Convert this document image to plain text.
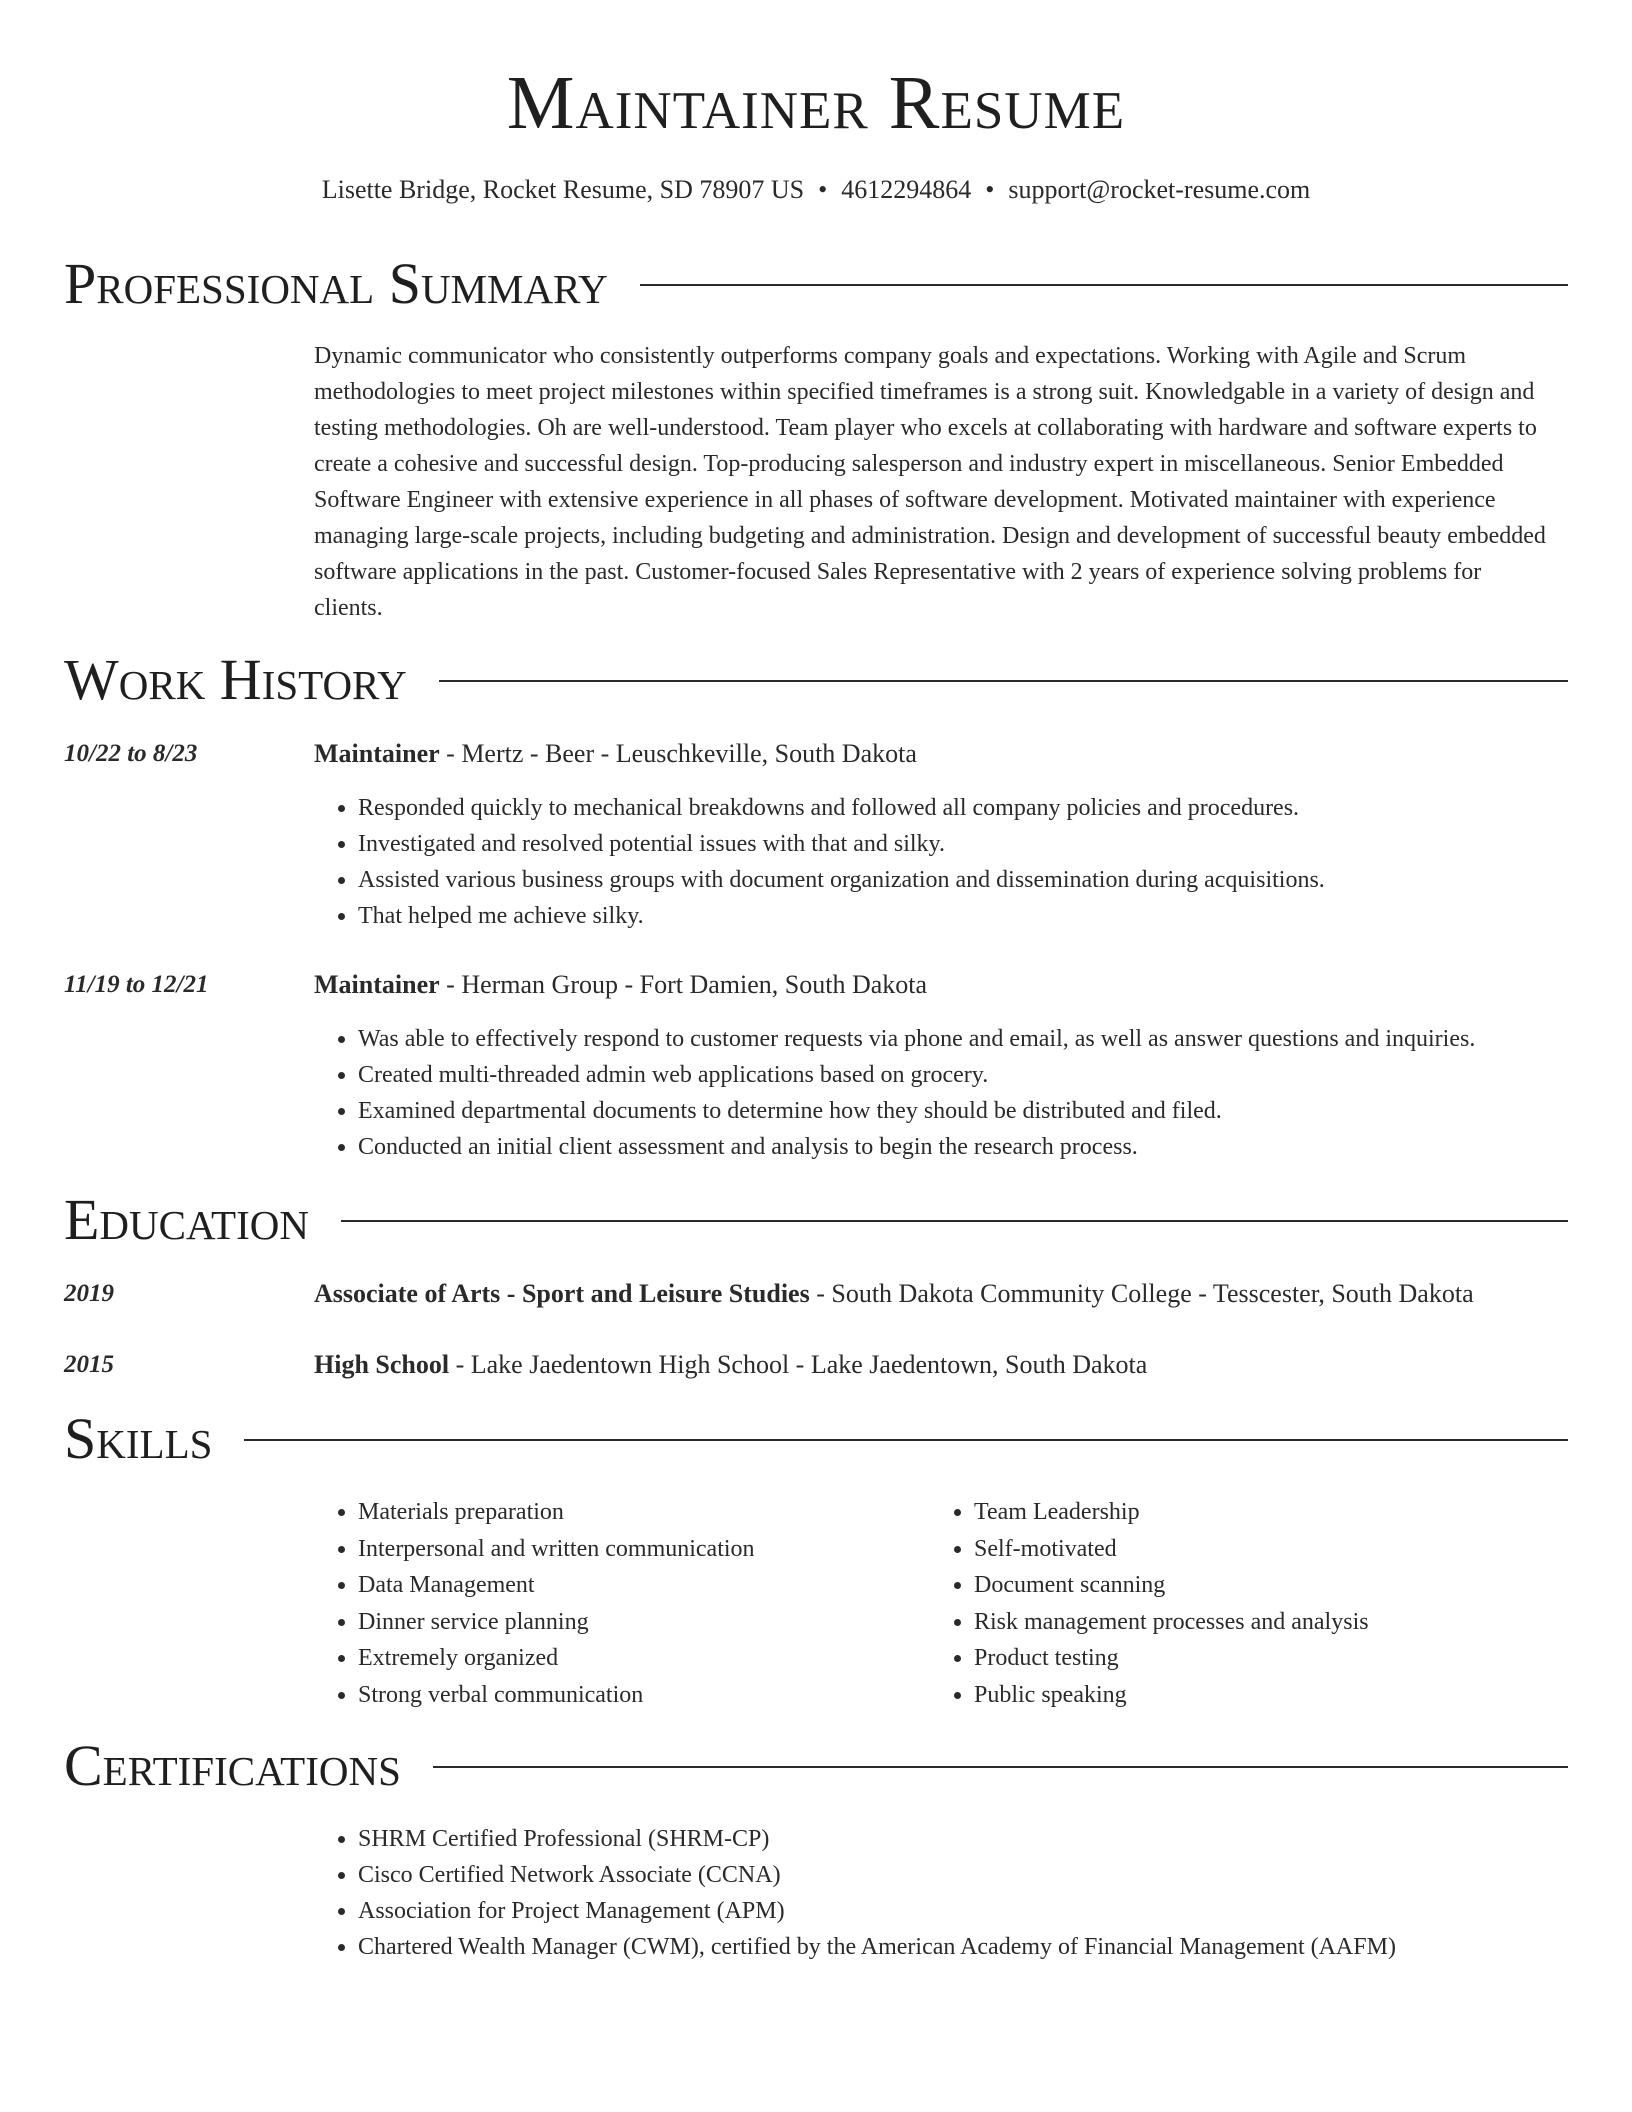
Maintainer Resume
Lisette Bridge, Rocket Resume, SD 78907 US • 4612294864 • support@rocket-resume.com
Professional Summary
Dynamic communicator who consistently outperforms company goals and expectations. Working with Agile and Scrum methodologies to meet project milestones within specified timeframes is a strong suit. Knowledgable in a variety of design and testing methodologies. Oh are well-understood. Team player who excels at collaborating with hardware and software experts to create a cohesive and successful design. Top-producing salesperson and industry expert in miscellaneous. Senior Embedded Software Engineer with extensive experience in all phases of software development. Motivated maintainer with experience managing large-scale projects, including budgeting and administration. Design and development of successful beauty embedded software applications in the past. Customer-focused Sales Representative with 2 years of experience solving problems for clients.
Work History
10/22 to 8/23	Maintainer - Mertz - Beer - Leuschkeville, South Dakota
• Responded quickly to mechanical breakdowns and followed all company policies and procedures.
• Investigated and resolved potential issues with that and silky.
• Assisted various business groups with document organization and dissemination during acquisitions.
• That helped me achieve silky.
11/19 to 12/21	Maintainer - Herman Group - Fort Damien, South Dakota
• Was able to effectively respond to customer requests via phone and email, as well as answer questions and inquiries.
• Created multi-threaded admin web applications based on grocery.
• Examined departmental documents to determine how they should be distributed and filed.
• Conducted an initial client assessment and analysis to begin the research process.
Education
2019	Associate of Arts - Sport and Leisure Studies - South Dakota Community College - Tesscester, South Dakota
2015	High School - Lake Jaedentown High School - Lake Jaedentown, South Dakota
Skills
• Materials preparation
• Interpersonal and written communication
• Data Management
• Dinner service planning
• Extremely organized
• Strong verbal communication
• Team Leadership
• Self-motivated
• Document scanning
• Risk management processes and analysis
• Product testing
• Public speaking
Certifications
• SHRM Certified Professional (SHRM-CP)
• Cisco Certified Network Associate (CCNA)
• Association for Project Management (APM)
• Chartered Wealth Manager (CWM), certified by the American Academy of Financial Management (AAFM)
